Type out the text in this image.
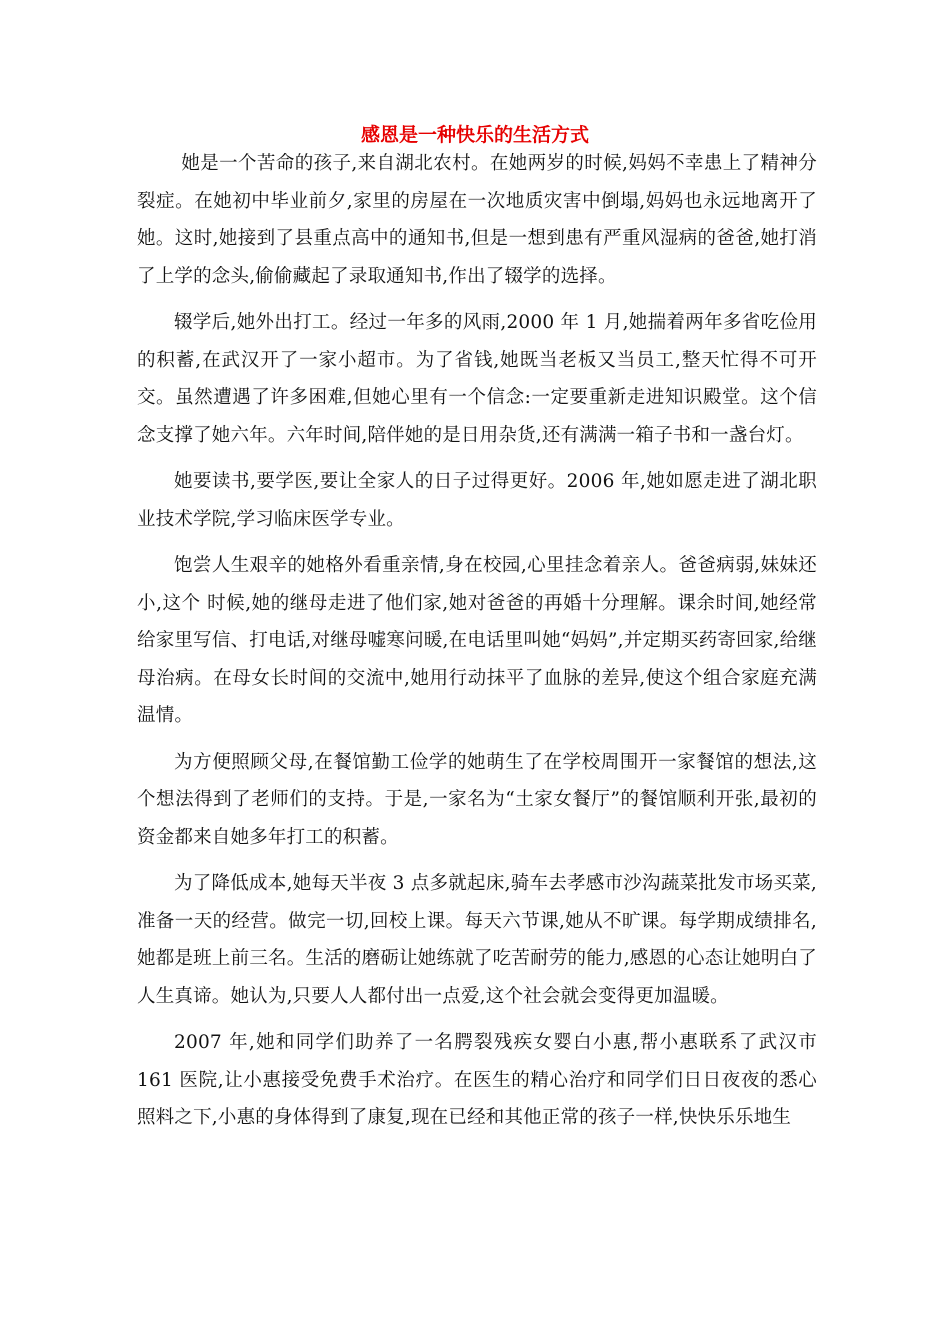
感恩是一种快乐的生活方式

她是一个苦命的孩子,来自湖北农村。在她两岁的时候,妈妈不幸患上了精神分裂症。在她初中毕业前夕,家里的房屋在一次地质灾害中倒塌,妈妈也永远地离开了她。这时,她接到了县重点高中的通知书,但是一想到患有严重风湿病的爸爸,她打消了上学的念头,偷偷藏起了录取通知书,作出了辍学的选择。

辍学后,她外出打工。经过一年多的风雨,2000 年 1 月,她揣着两年多省吃俭用的积蓄,在武汉开了一家小超市。为了省钱,她既当老板又当员工,整天忙得不可开交。虽然遭遇了许多困难,但她心里有一个信念:一定要重新走进知识殿堂。这个信念支撑了她六年。六年时间,陪伴她的是日用杂货,还有满满一箱子书和一盏台灯。

她要读书,要学医,要让全家人的日子过得更好。2006 年,她如愿走进了湖北职业技术学院,学习临床医学专业。

饱尝人生艰辛的她格外看重亲情,身在校园,心里挂念着亲人。爸爸病弱,妹妹还小,这个 时候,她的继母走进了他们家,她对爸爸的再婚十分理解。课余时间,她经常给家里写信、打电话,对继母嘘寒问暖,在电话里叫她“妈妈”,并定期买药寄回家,给继母治病。在母女长时间的交流中,她用行动抹平了血脉的差异,使这个组合家庭充满温情。

为方便照顾父母,在餐馆勤工俭学的她萌生了在学校周围开一家餐馆的想法,这个想法得到了老师们的支持。于是,一家名为“土家女餐厅”的餐馆顺利开张,最初的资金都来自她多年打工的积蓄。

为了降低成本,她每天半夜 3 点多就起床,骑车去孝感市沙沟蔬菜批发市场买菜,准备一天的经营。做完一切,回校上课。每天六节课,她从不旷课。每学期成绩排名,她都是班上前三名。生活的磨砺让她练就了吃苦耐劳的能力,感恩的心态让她明白了人生真谛。她认为,只要人人都付出一点爱,这个社会就会变得更加温暖。

2007 年,她和同学们助养了一名腭裂残疾女婴白小惠,帮小惠联系了武汉市 161 医院,让小惠接受免费手术治疗。在医生的精心治疗和同学们日日夜夜的悉心照料之下,小惠的身体得到了康复,现在已经和其他正常的孩子一样,快快乐乐地生
